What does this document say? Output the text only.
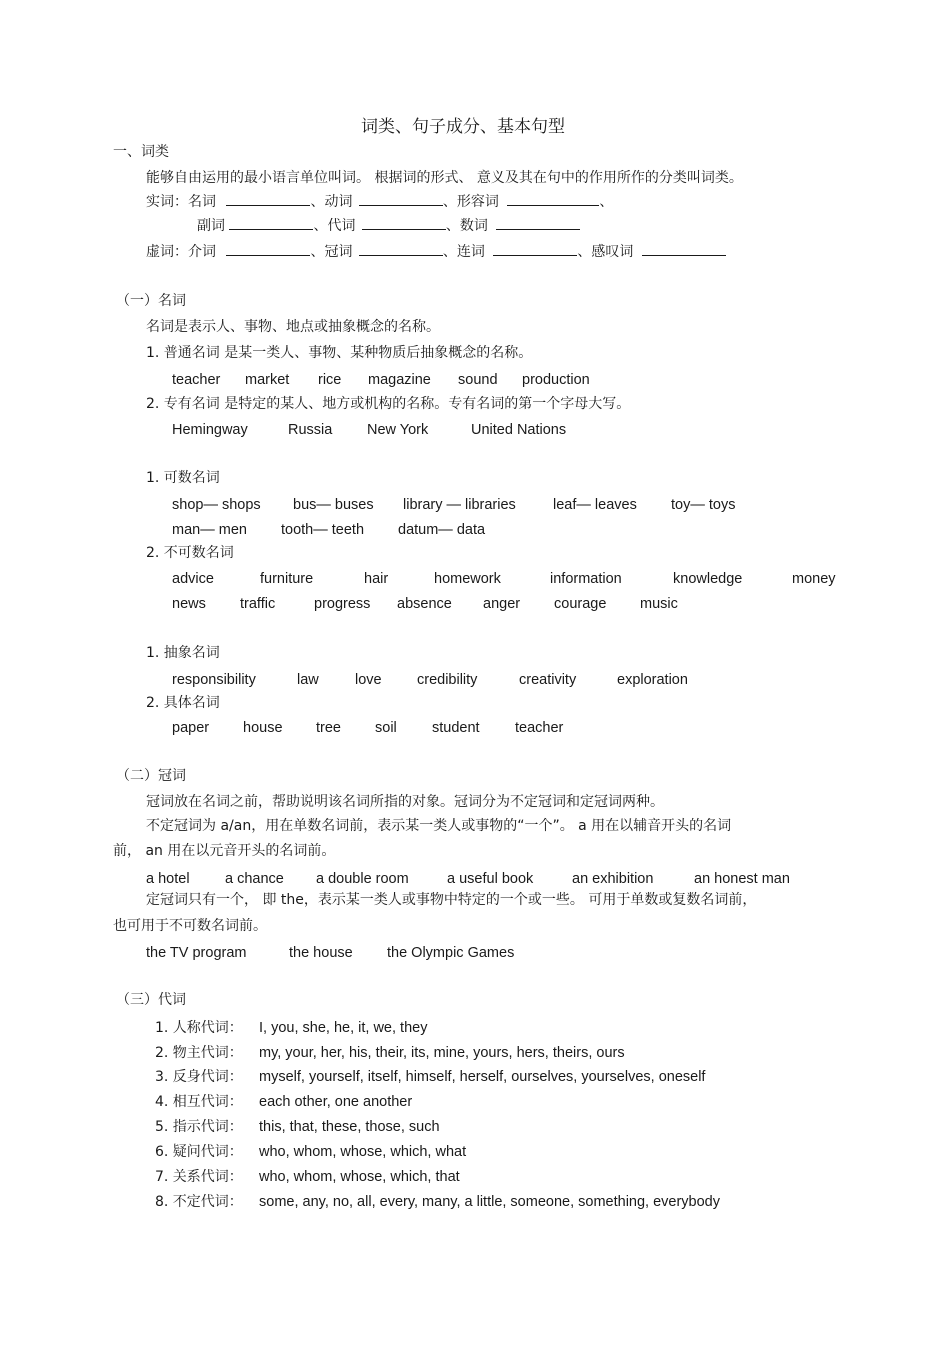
词类、句子成分、基本句型
一、词类
能够自由运用的最小语言单位叫词。 根据词的形式、 意义及其在句中的作用所作的分类叫词类。
实词：名词	、动词	、形容词	、
副词	、代词	、数词
虚词：介词	、冠词	、连词	、感叹词
（一）名词
名词是表示人、事物、地点或抽象概念的名称。
1. 普通名词 是某一类人、事物、某种物质后抽象概念的名称。
teacher market rice magazine sound production
2. 专有名词 是特定的某人、地方或机构的名称。专有名词的第一个字母大写。
Hemingway	Russia New York	United Nations
1. 可数名词
shop— shops bus— buses library — libraries	leaf— leaves toy— toys
man— men tooth— teeth datum— data
2. 不可数名词
advice	furniture	hair	homework	information	knowledge	money
news traffic	progress absence anger courage music
1. 抽象名词
responsibility	law love credibility	creativity	exploration
2. 具体名词
paper house tree soil student teacher
（二）冠词
冠词放在名词之前，帮助说明该名词所指的对象。冠词分为不定冠词和定冠词两种。
不定冠词为 a/an，用在单数名词前，表示某一类人或事物的“一个”。 a 用在以辅音开头的名词
前， an 用在以元音开头的名词前。
a hotel a chance a double room	a useful book	an exhibition	an honest man
定冠词只有一个， 即 the，表示某一类人或事物中特定的一个或一些。 可用于单数或复数名词前，
也可用于不可数名词前。
the TV program	the house the Olympic Games
（三）代词
1. 人称代词： I, you, she, he, it, we, they
2. 物主代词： my, your, her, his, their, its, mine, yours, hers, theirs, ours
3. 反身代词： myself, yourself, itself, himself, herself, ourselves, yourselves, oneself
4. 相互代词： each other, one another
5. 指示代词： this, that, these, those, such
6. 疑问代词： who, whom, whose, which, what
7. 关系代词： who, whom, whose, which, that
8. 不定代词： some, any, no, all, every, many, a little, someone, something, everybody
